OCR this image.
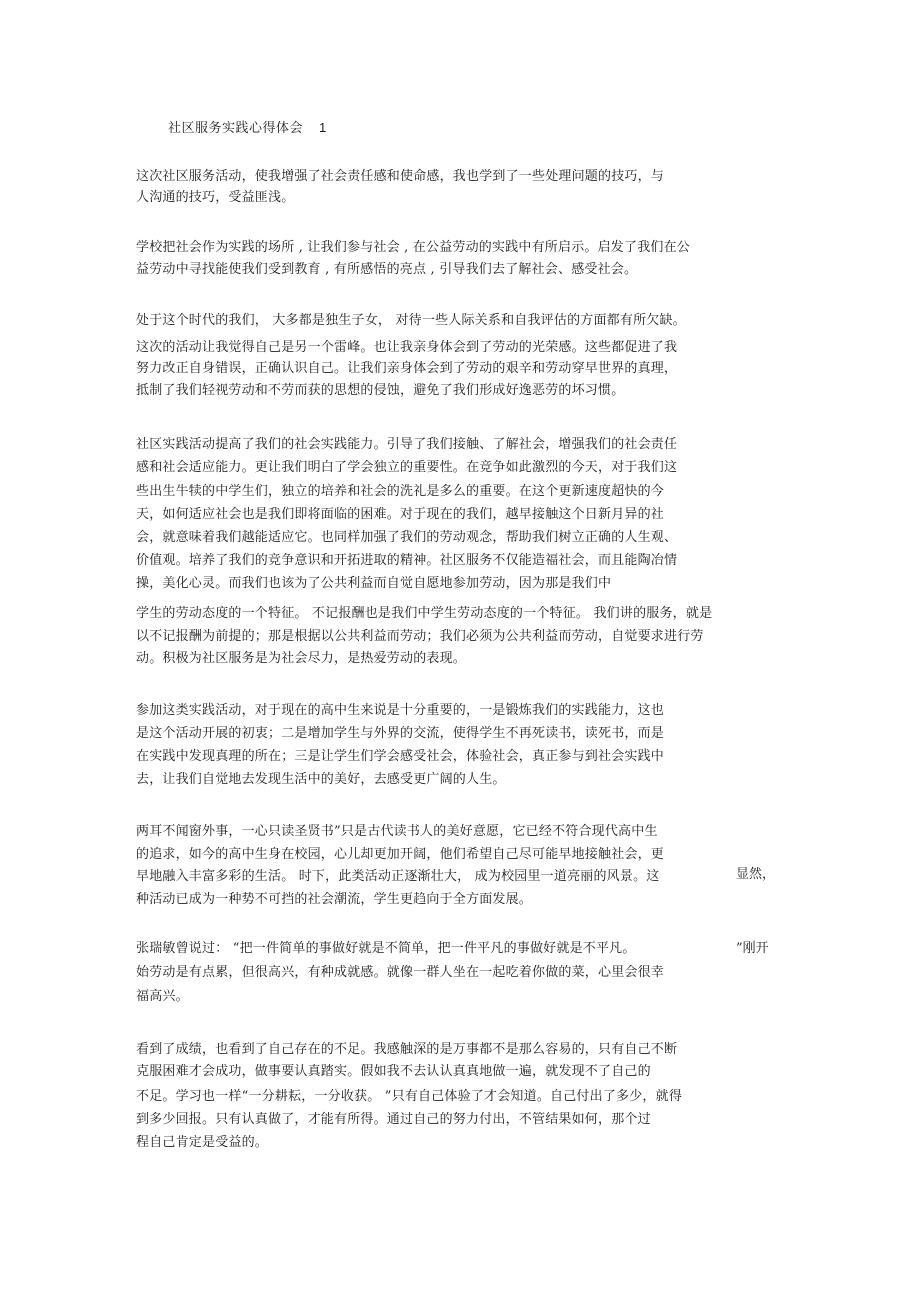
社区服务实践心得体会 1
这次社区服务活动，使我增强了社会责任感和使命感，我也学到了一些处理问题的技巧，与
人沟通的技巧，受益匪浅。
学校把社会作为实践的场所 , 让我们参与社会 , 在公益劳动的实践中有所启示。启发了我们在公
益劳动中寻找能使我们受到教育 , 有所感悟的亮点 , 引导我们去了解社会、感受社会。
处于这个时代的我们， 大多都是独生子女， 对待一些人际关系和自我评估的方面都有所欠缺。
这次的活动让我觉得自己是另一个雷峰。也让我亲身体会到了劳动的光荣感。这些都促进了我
努力改正自身错误，正确认识自己。让我们亲身体会到了劳动的艰辛和劳动穿早世界的真理，
抵制了我们轻视劳动和不劳而获的思想的侵蚀，避免了我们形成好逸恶劳的坏习惯。
社区实践活动提高了我们的社会实践能力。引导了我们接触、了解社会，增强我们的社会责任
感和社会适应能力。更让我们明白了学会独立的重要性。在竞争如此激烈的今天，对于我们这
些出生牛犊的中学生们，独立的培养和社会的洗礼是多么的重要。在这个更新速度超快的今
天，如何适应社会也是我们即将面临的困难。对于现在的我们，越早接触这个日新月异的社
会，就意味着我们越能适应它。也同样加强了我们的劳动观念，帮助我们树立正确的人生观、
价值观。培养了我们的竞争意识和开拓进取的精神。社区服务不仅能造福社会，而且能陶冶情
操，美化心灵。而我们也该为了公共利益而自觉自愿地参加劳动，因为那是我们中
学生的劳动态度的一个特征。 不记报酬也是我们中学生劳动态度的一个特征。 我们讲的服务，就是
以不记报酬为前提的；那是根据以公共利益而劳动；我们必须为公共利益而劳动，自觉要求进行劳
动。积极为社区服务是为社会尽力，是热爱劳动的表现。
参加这类实践活动，对于现在的高中生来说是十分重要的，一是锻炼我们的实践能力，这也
是这个活动开展的初衷；二是增加学生与外界的交流，使得学生不再死读书，读死书，而是
在实践中发现真理的所在；三是让学生们学会感受社会，体验社会，真正参与到社会实践中
去，让我们自觉地去发现生活中的美好，去感受更广阔的人生。
两耳不闻窗外事，一心只读圣贤书”只是古代读书人的美好意愿，它已经不符合现代高中生
的追求，如今的高中生身在校园，心儿却更加开阔，他们希望自己尽可能早地接触社会，更
早地融入丰富多彩的生活。 时下，此类活动正逐渐壮大， 成为校园里一道亮丽的风景。这
种活动已成为一种势不可挡的社会潮流，学生更趋向于全方面发展。
显然，
张瑞敏曾说过： “把一件简单的事做好就是不简单，把一件平凡的事做好就是不平凡。
始劳动是有点累，但很高兴，有种成就感。就像一群人坐在一起吃着你做的菜，心里会很幸
福高兴。
”刚开
看到了成绩，也看到了自己存在的不足。我感触深的是万事都不是那么容易的，只有自己不断
克服困难才会成功，做事要认真踏实。假如我不去认认真真地做一遍，就发现不了自己的
不足。学习也一样“一分耕耘，一分收获。 ”只有自己体验了才会知道。自己付出了多少，就得
到多少回报。只有认真做了，才能有所得。通过自己的努力付出，不管结果如何，那个过
程自己肯定是受益的。
